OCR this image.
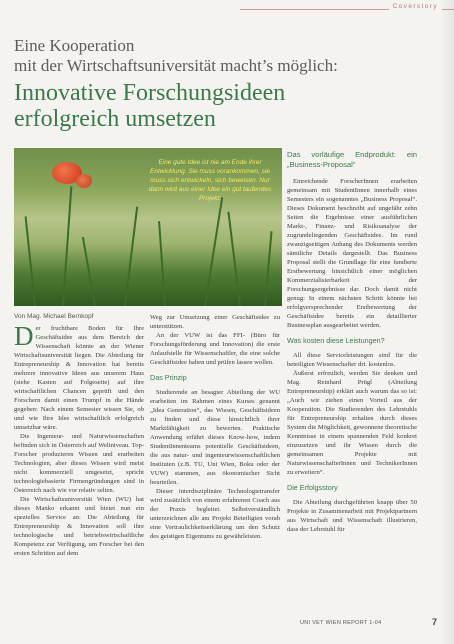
Coverstory
Eine Kooperation
mit der Wirtschaftsuniversität macht’s möglich:
Innovative Forschungsideen
erfolgreich umsetzen
Eine gute Idee ist nie am Ende ihrer Entwicklung. Sie muss vorankommen, sie muss sich entwickeln, sich beweisen. Nur dann wird aus einer Idee ein gut laufendes Projekt.
Von Mag. Michael Bernkopf

Der fruchtbare Boden für Ihre Geschäftsidee aus dem Bereich der Wissenschaft könnte an der Wiener Wirtschaftsuniversität liegen. Die Abteilung für Entrepreneurship & Innovation hat bereits mehrere innovative Ideen aus unserem Haus (siehe Kasten auf Folgeseite) auf ihre wirtschaftlichen Chancen geprüft und den Forschern damit einen Trumpf in die Hände gegeben: Nach einem Semester wissen Sie, ob und wie Ihre Idee wirtschaftlich erfolgreich umsetzbar wäre.

Die Ingenieur- und Naturwissenschaften befinden sich in Österreich auf Weltniveau. Top-Forscher produzieren Wissen und erarbeiten Technologien, aber dieses Wissen wird meist nicht kommerziell umgesetzt, spricht technologiebasierte Firmengründungen sind in Österreich nach wie vor relativ selten.

Die Wirtschaftsuniversität Wien (WU) hat dieses Manko erkannt und bietet nun ein spezielles Service an: Die Abteilung für Entrepreneurship & Innovation soll ihre technologische und betriebswirtschaftliche Kompetenz zur Verfügung, um Forscher bei den ersten Schritten auf dem

Weg zur Umsetzung einer Geschäftsidee zu unterstützen.

An der VUW ist das FFI- (Büro für Forschungsförderung und Innovation) die erste Anlaufstelle für Wissenschaftler, die eine solche Geschäftsidee haben und prüfen lassen wollen.

Das Prinzip

Studierende an besagter Abteilung der WU erarbeiten im Rahmen eines Kurses genannt „Idea Generation“, das Wissen, Geschäftsideen zu finden und diese hinsichtlich ihrer Marktfähigkeit zu bewerten. Praktische Anwendung erfährt dieses Know-how, indem StudentInnenteams potentielle Geschäftsideen, die aus natur- und ingenieurwissenschaftlichen Instituten (z.B. TU, Uni Wien, Boku oder der VUW) stammen, aus ökonomischer Sicht beurteilen.

Dieser interdisziplinäre Technologietransfer wird zusätzlich von einem erfahrenen Coach aus der Praxis begleitet. Selbstverständlich unterzeichnen alle am Projekt Beteiligten vorab eine Vertraulichkeitserklärung um den Schutz des geistigen Eigentums zu gewährleisten.

Das vorläufige Endprodukt: ein „Business-Proposal“

Einreichende ForscherInnen erarbeiten gemeinsam mit StudentInnen innerhalb eines Semesters ein sogenanntes „Business Proposal“. Dieses Dokument beschreibt auf ungefähr zehn Seiten die Ergebnisse einer ausführlichen Markt-, Finanz- und Risikoanalyse der zugrundeliegenden Geschäftsidee. Im rund zwanzigseitigen Anhang des Dokuments werden sämtliche Details dargestellt. Das Business Proposal stellt die Grundlage für eine fundierte Erstbewertung hinsichtlich einer möglichen Kommerzialisierbarkeit der Forschungsergebnisse dar. Doch damit nicht genug: In einem nächsten Schritt könnte bei erfolgversprechender Erstbewertung der Geschäftsidee bereits ein detaillierter Businessplan ausgearbeitet werden.

Was kosten diese Leistungen?

All diese Serviceleistungen sind für die beteiligten Wissenschafter drt. kostenlos.

Äußerst erfreulich, werden Sie denken und Mag. Reinhard Prügl (Abteilung Entrepreneurship) erklärt auch warum das so ist: „Auch wir ziehen einen Vorteil aus der Kooperation. Die Studierenden des Lehrstuhls für Entrepreneurship erhalten durch dieses System die Möglichkeit, gewonnene theoretische Kenntnisse in einem spannenden Feld konkret einzusetzen und ihr Wissen durch die gemeinsamen Projekte mit NaturwissenschafterInnen und TechnikerInnen zu erweitern“.

Die Erfolgsstory

Die Abteilung durchgeführten knapp über 50 Projekte in Zusammenarbeit mit Projektpartnern aus Wirtschaft und Wissenschaft illustrieren, dass der Lehrstuhl für

UNI VET WIEN REPORT 1-04	7
